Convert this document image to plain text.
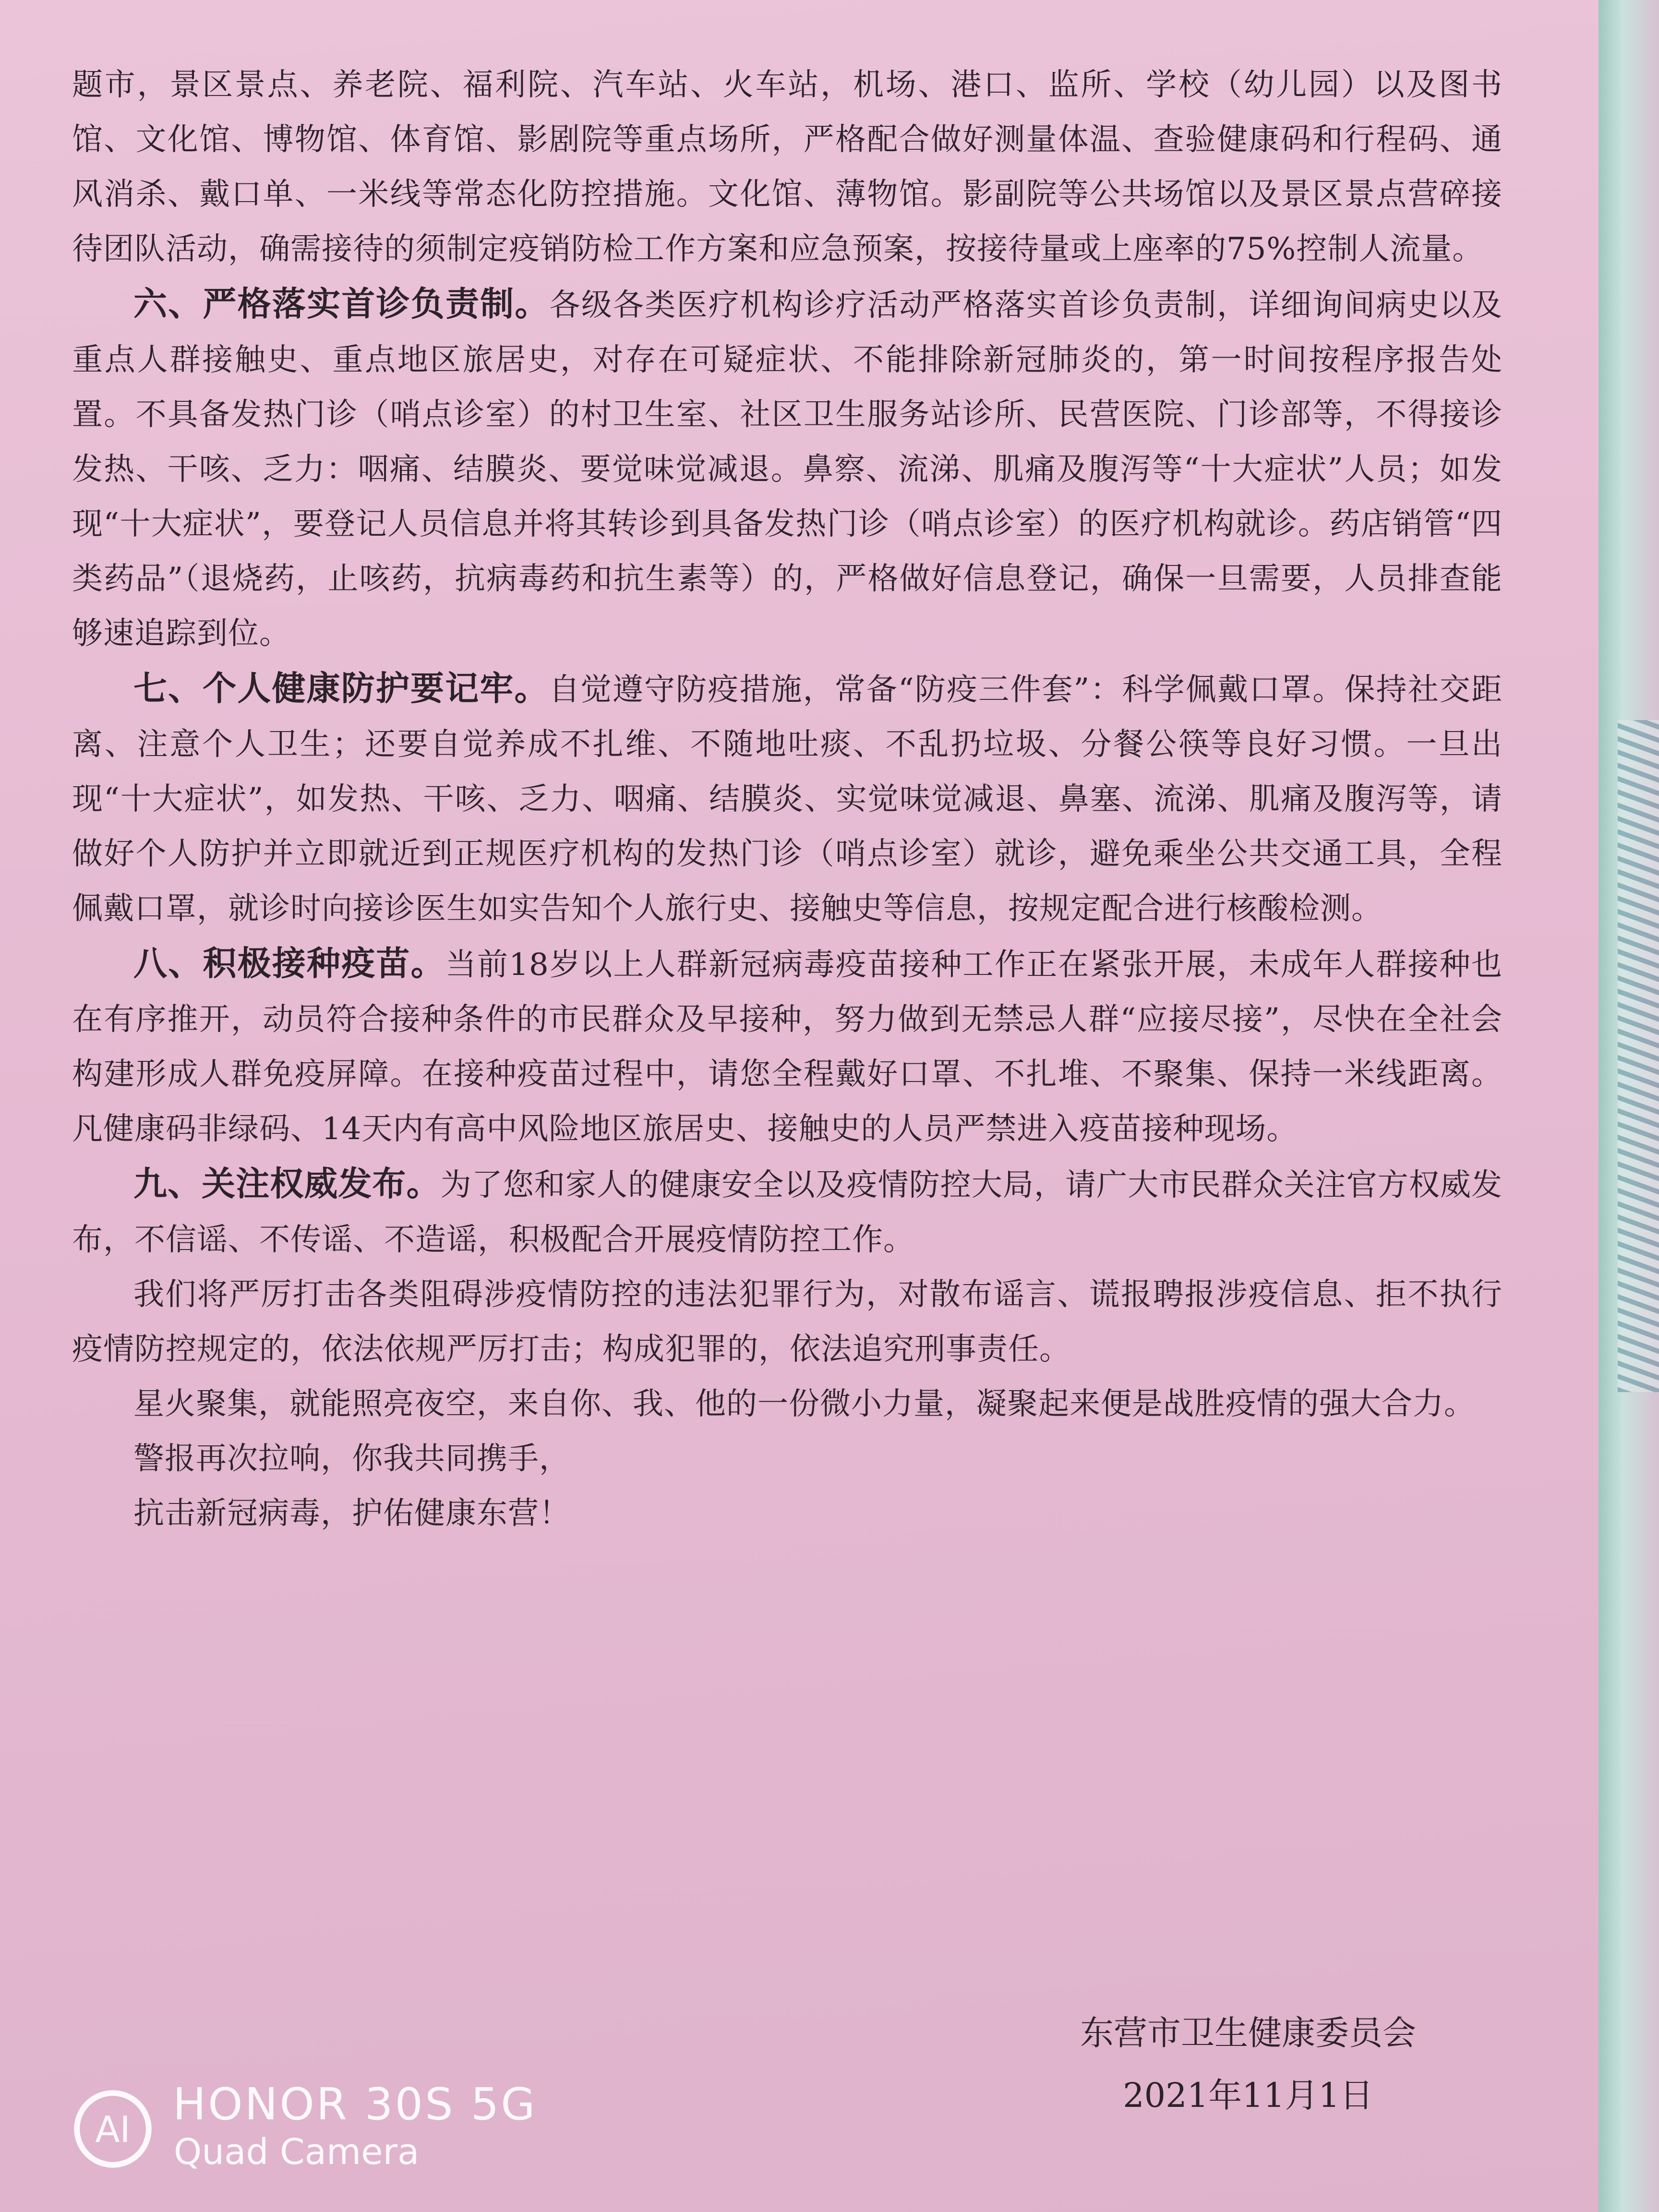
题市，景区景点、养老院、福利院、汽车站、火车站，机场、港口、监所、学校（幼儿园）以及图书馆、文化馆、博物馆、体育馆、影剧院等重点场所，严格配合做好测量体温、查验健康码和行程码、通风消杀、戴口单、一米线等常态化防控措施。文化馆、薄物馆。影副院等公共场馆以及景区景点营碎接待团队活动，确需接待的须制定疫销防检工作方案和应急预案，按接待量或上座率的75%控制人流量。

六、严格落实首诊负责制。各级各类医疗机构诊疗活动严格落实首诊负责制，详细询间病史以及重点人群接触史、重点地区旅居史，对存在可疑症状、不能排除新冠肺炎的，第一时间按程序报告处置。不具备发热门诊（哨点诊室）的村卫生室、社区卫生服务站诊所、民营医院、门诊部等，不得接诊发热、干咳、乏力：咽痛、结膜炎、要觉味觉减退。鼻察、流涕、肌痛及腹泻等“十大症状”人员；如发现“十大症状”，要登记人员信息并将其转诊到具备发热门诊（哨点诊室）的医疗机构就诊。药店销管“四类药品”（退烧药，止咳药，抗病毒药和抗生素等）的，严格做好信息登记，确保一旦需要，人员排查能够速追踪到位。

七、个人健康防护要记牢。自觉遵守防疫措施，常备“防疫三件套”：科学佩戴口罩。保持社交距离、注意个人卫生；还要自觉养成不扎维、不随地吐痰、不乱扔垃圾、分餐公筷等良好习惯。一旦出现“十大症状”，如发热、干咳、乏力、咽痛、结膜炎、实觉味觉减退、鼻塞、流涕、肌痛及腹泻等，请做好个人防护并立即就近到正规医疗机构的发热门诊（哨点诊室）就诊，避免乘坐公共交通工具，全程佩戴口罩，就诊时向接诊医生如实告知个人旅行史、接触史等信息，按规定配合进行核酸检测。

八、积极接种疫苗。当前18岁以上人群新冠病毒疫苗接种工作正在紧张开展，未成年人群接种也在有序推开，动员符合接种条件的市民群众及早接种，努力做到无禁忌人群“应接尽接”，尽快在全社会构建形成人群免疫屏障。在接种疫苗过程中，请您全程戴好口罩、不扎堆、不聚集、保持一米线距离。凡健康码非绿码、14天内有高中风险地区旅居史、接触史的人员严禁进入疫苗接种现场。

九、关注权威发布。为了您和家人的健康安全以及疫情防控大局，请广大市民群众关注官方权威发布，不信谣、不传谣、不造谣，积极配合开展疫情防控工作。

我们将严厉打击各类阻碍涉疫情防控的违法犯罪行为，对散布谣言、谎报聘报涉疫信息、拒不执行疫情防控规定的，依法依规严厉打击；构成犯罪的，依法追究刑事责任。

星火聚集，就能照亮夜空，来自你、我、他的一份微小力量，凝聚起来便是战胜疫情的强大合力。

警报再次拉响，你我共同携手，

抗击新冠病毒，护佑健康东营！

东营市卫生健康委员会
2021年11月1日
AI HONOR 30S 5G
Quad Camera
